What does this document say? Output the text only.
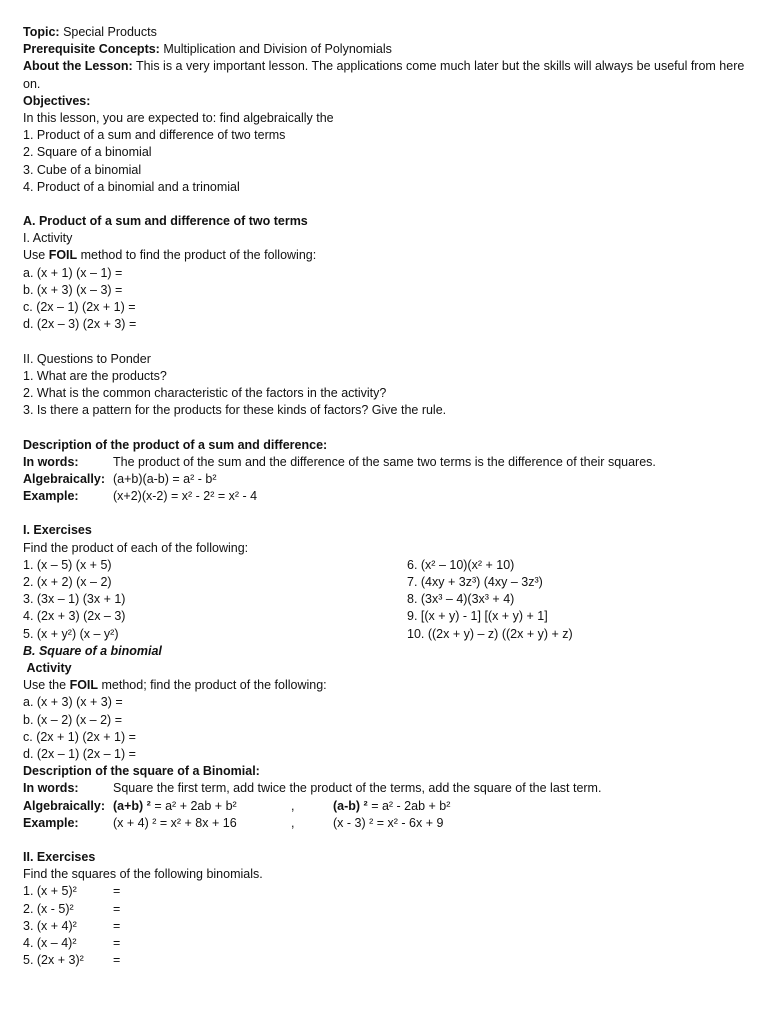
Topic: Special Products
Prerequisite Concepts: Multiplication and Division of Polynomials
About the Lesson: This is a very important lesson. The applications come much later but the skills will always be useful from here
on.
Objectives:
In this lesson, you are expected to: find algebraically the
1. Product of a sum and difference of two terms
2. Square of a binomial
3. Cube of a binomial
4. Product of a binomial and a trinomial
A. Product of a sum and difference of two terms
I. Activity
Use FOIL method to find the product of the following:
a. (x + 1) (x – 1) =
b. (x + 3) (x – 3) =
c. (2x – 1) (2x + 1) =
d. (2x – 3) (2x + 3) =
II. Questions to Ponder
1. What are the products?
2. What is the common characteristic of the factors in the activity?
3. Is there a pattern for the products for these kinds of factors? Give the rule.
Description of the product of a sum and difference:
In words:	The product of the sum and the difference of the same two terms is the difference of their squares.
Algebraically: (a+b)(a-b) = a² - b²
Example:	(x+2)(x-2) = x² - 2² = x² - 4
I. Exercises
Find the product of each of the following:
1. (x – 5) (x + 5)
2. (x + 2) (x – 2)
3. (3x – 1) (3x + 1)
4. (2x + 3) (2x – 3)
5. (x + y²) (x – y²)
6. (x² – 10)(x² + 10)
7. (4xy + 3z³) (4xy – 3z³)
8. (3x³ – 4)(3x³ + 4)
9. [(x + y) - 1] [(x + y) + 1]
10. ((2x + y) – z) ((2x + y) + z)
B. Square of a binomial
Activity
Use the FOIL method; find the product of the following:
a. (x + 3) (x + 3) =
b. (x – 2) (x – 2) =
c. (2x + 1) (2x + 1) =
d. (2x – 1) (2x – 1) =
Description of the square of a Binomial:
In words:	Square the first term, add twice the product of the terms, add the square of the last term.
Algebraically: (a+b) ² = a² + 2ab + b²	,	(a-b) ² = a² - 2ab + b²
Example:	(x + 4) ² = x² + 8x + 16	,	(x - 3) ² = x² - 6x + 9
II. Exercises
Find the squares of the following binomials.
1. (x + 5)²	=
2. (x - 5)²	=
3. (x + 4)²	=
4. (x – 4)²	=
5. (2x + 3)² =
